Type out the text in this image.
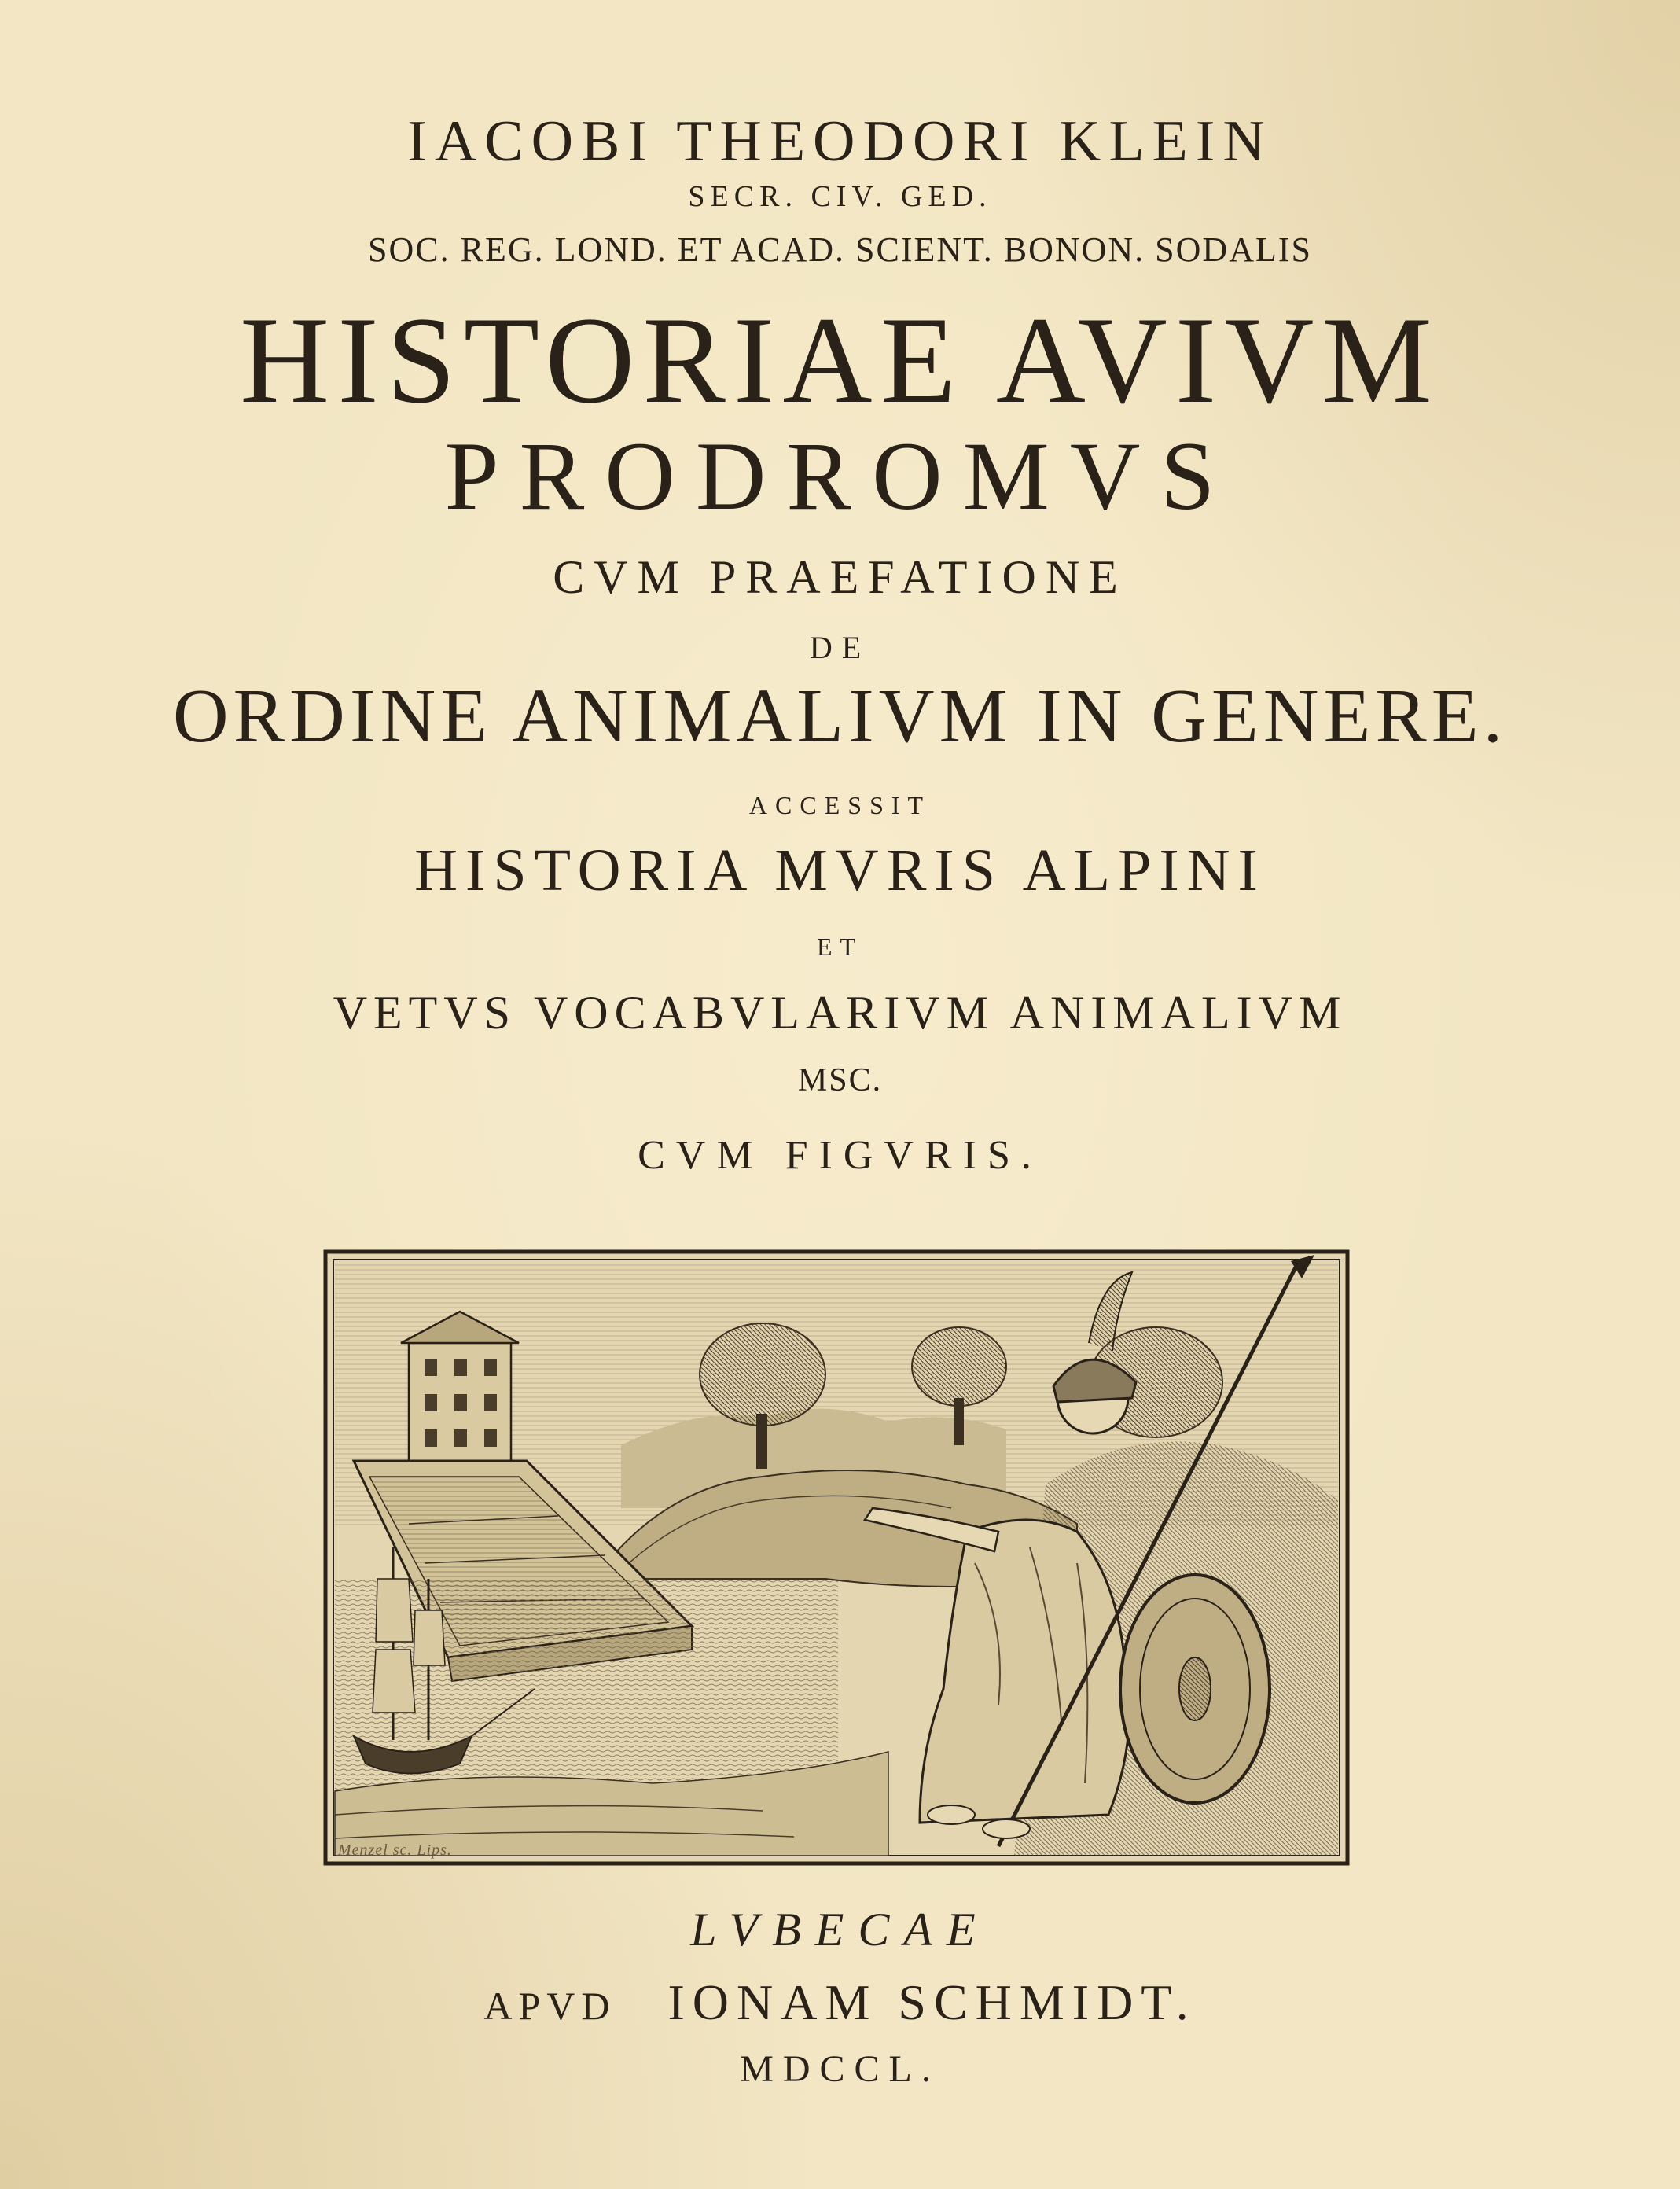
IACOBI THEODORI KLEIN
SECR. CIV. GED.
SOC. REG. LOND. ET ACAD. SCIENT. BONON. SODALIS
HISTORIAE AVIVM
PRODROMVS
CVM PRAEFATIONE
DE
ORDINE ANIMALIVM IN GENERE.
ACCESSIT
HISTORIA MVRIS ALPINI
ET
VETVS VOCABVLARIVM ANIMALIVM
MSC.
CVM FIGVRIS.
Menzel sc. Lips.
LVBECAE
APVD IONAM SCHMIDT.
MDCCL.
